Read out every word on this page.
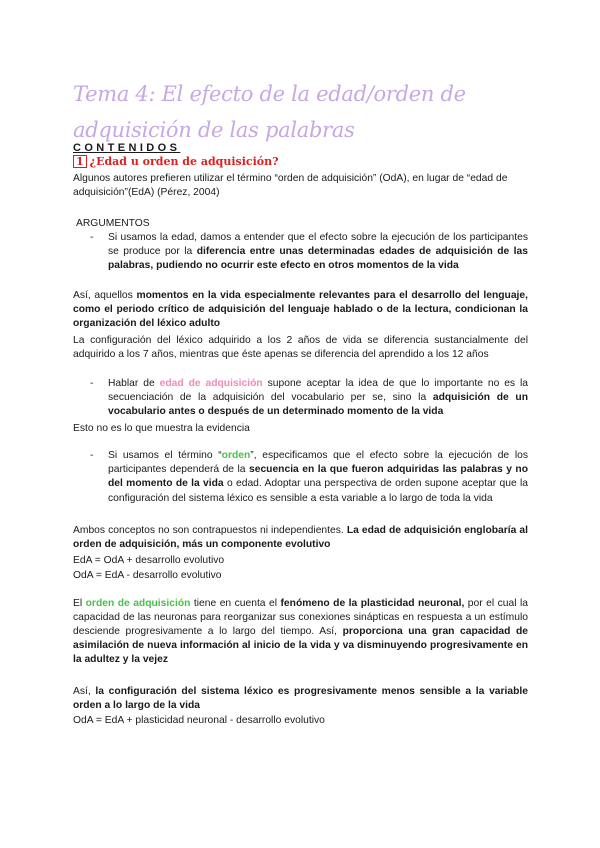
Tema 4: El efecto de la edad/orden de adquisición de las palabras
CONTENIDOS
1 ¿Edad u orden de adquisición?
Algunos autores prefieren utilizar el término “orden de adquisición” (OdA), en lugar de “edad de adquisición”(EdA) (Pérez, 2004)
ARGUMENTOS
- Si usamos la edad, damos a entender que el efecto sobre la ejecución de los participantes se produce por la diferencia entre unas determinadas edades de adquisición de las palabras, pudiendo no ocurrir este efecto en otros momentos de la vida
Así, aquellos momentos en la vida especialmente relevantes para el desarrollo del lenguaje, como el periodo crítico de adquisición del lenguaje hablado o de la lectura, condicionan la organización del léxico adulto
La configuración del léxico adquirido a los 2 años de vida se diferencia sustancialmente del adquirido a los 7 años, mientras que éste apenas se diferencia del aprendido a los 12 años
- Hablar de edad de adquisición supone aceptar la idea de que lo importante no es la secuenciación de la adquisición del vocabulario per se, sino la adquisición de un vocabulario antes o después de un determinado momento de la vida
Esto no es lo que muestra la evidencia
- Si usamos el término “orden”, especificamos que el efecto sobre la ejecución de los participantes dependerá de la secuencia en la que fueron adquiridas las palabras y no del momento de la vida o edad. Adoptar una perspectiva de orden supone aceptar que la configuración del sistema léxico es sensible a esta variable a lo largo de toda la vida
Ambos conceptos no son contrapuestos ni independientes. La edad de adquisición englobaría al orden de adquisición, más un componente evolutivo
EdA = OdA + desarrollo evolutivo
OdA = EdA - desarrollo evolutivo
El orden de adquisición tiene en cuenta el fenómeno de la plasticidad neuronal, por el cual la capacidad de las neuronas para reorganizar sus conexiones sinápticas en respuesta a un estímulo desciende progresivamente a lo largo del tiempo. Así, proporciona una gran capacidad de asimilación de nueva información al inicio de la vida y va disminuyendo progresivamente en la adultez y la vejez
Así, la configuración del sistema léxico es progresivamente menos sensible a la variable orden a lo largo de la vida
OdA = EdA + plasticidad neuronal - desarrollo evolutivo
